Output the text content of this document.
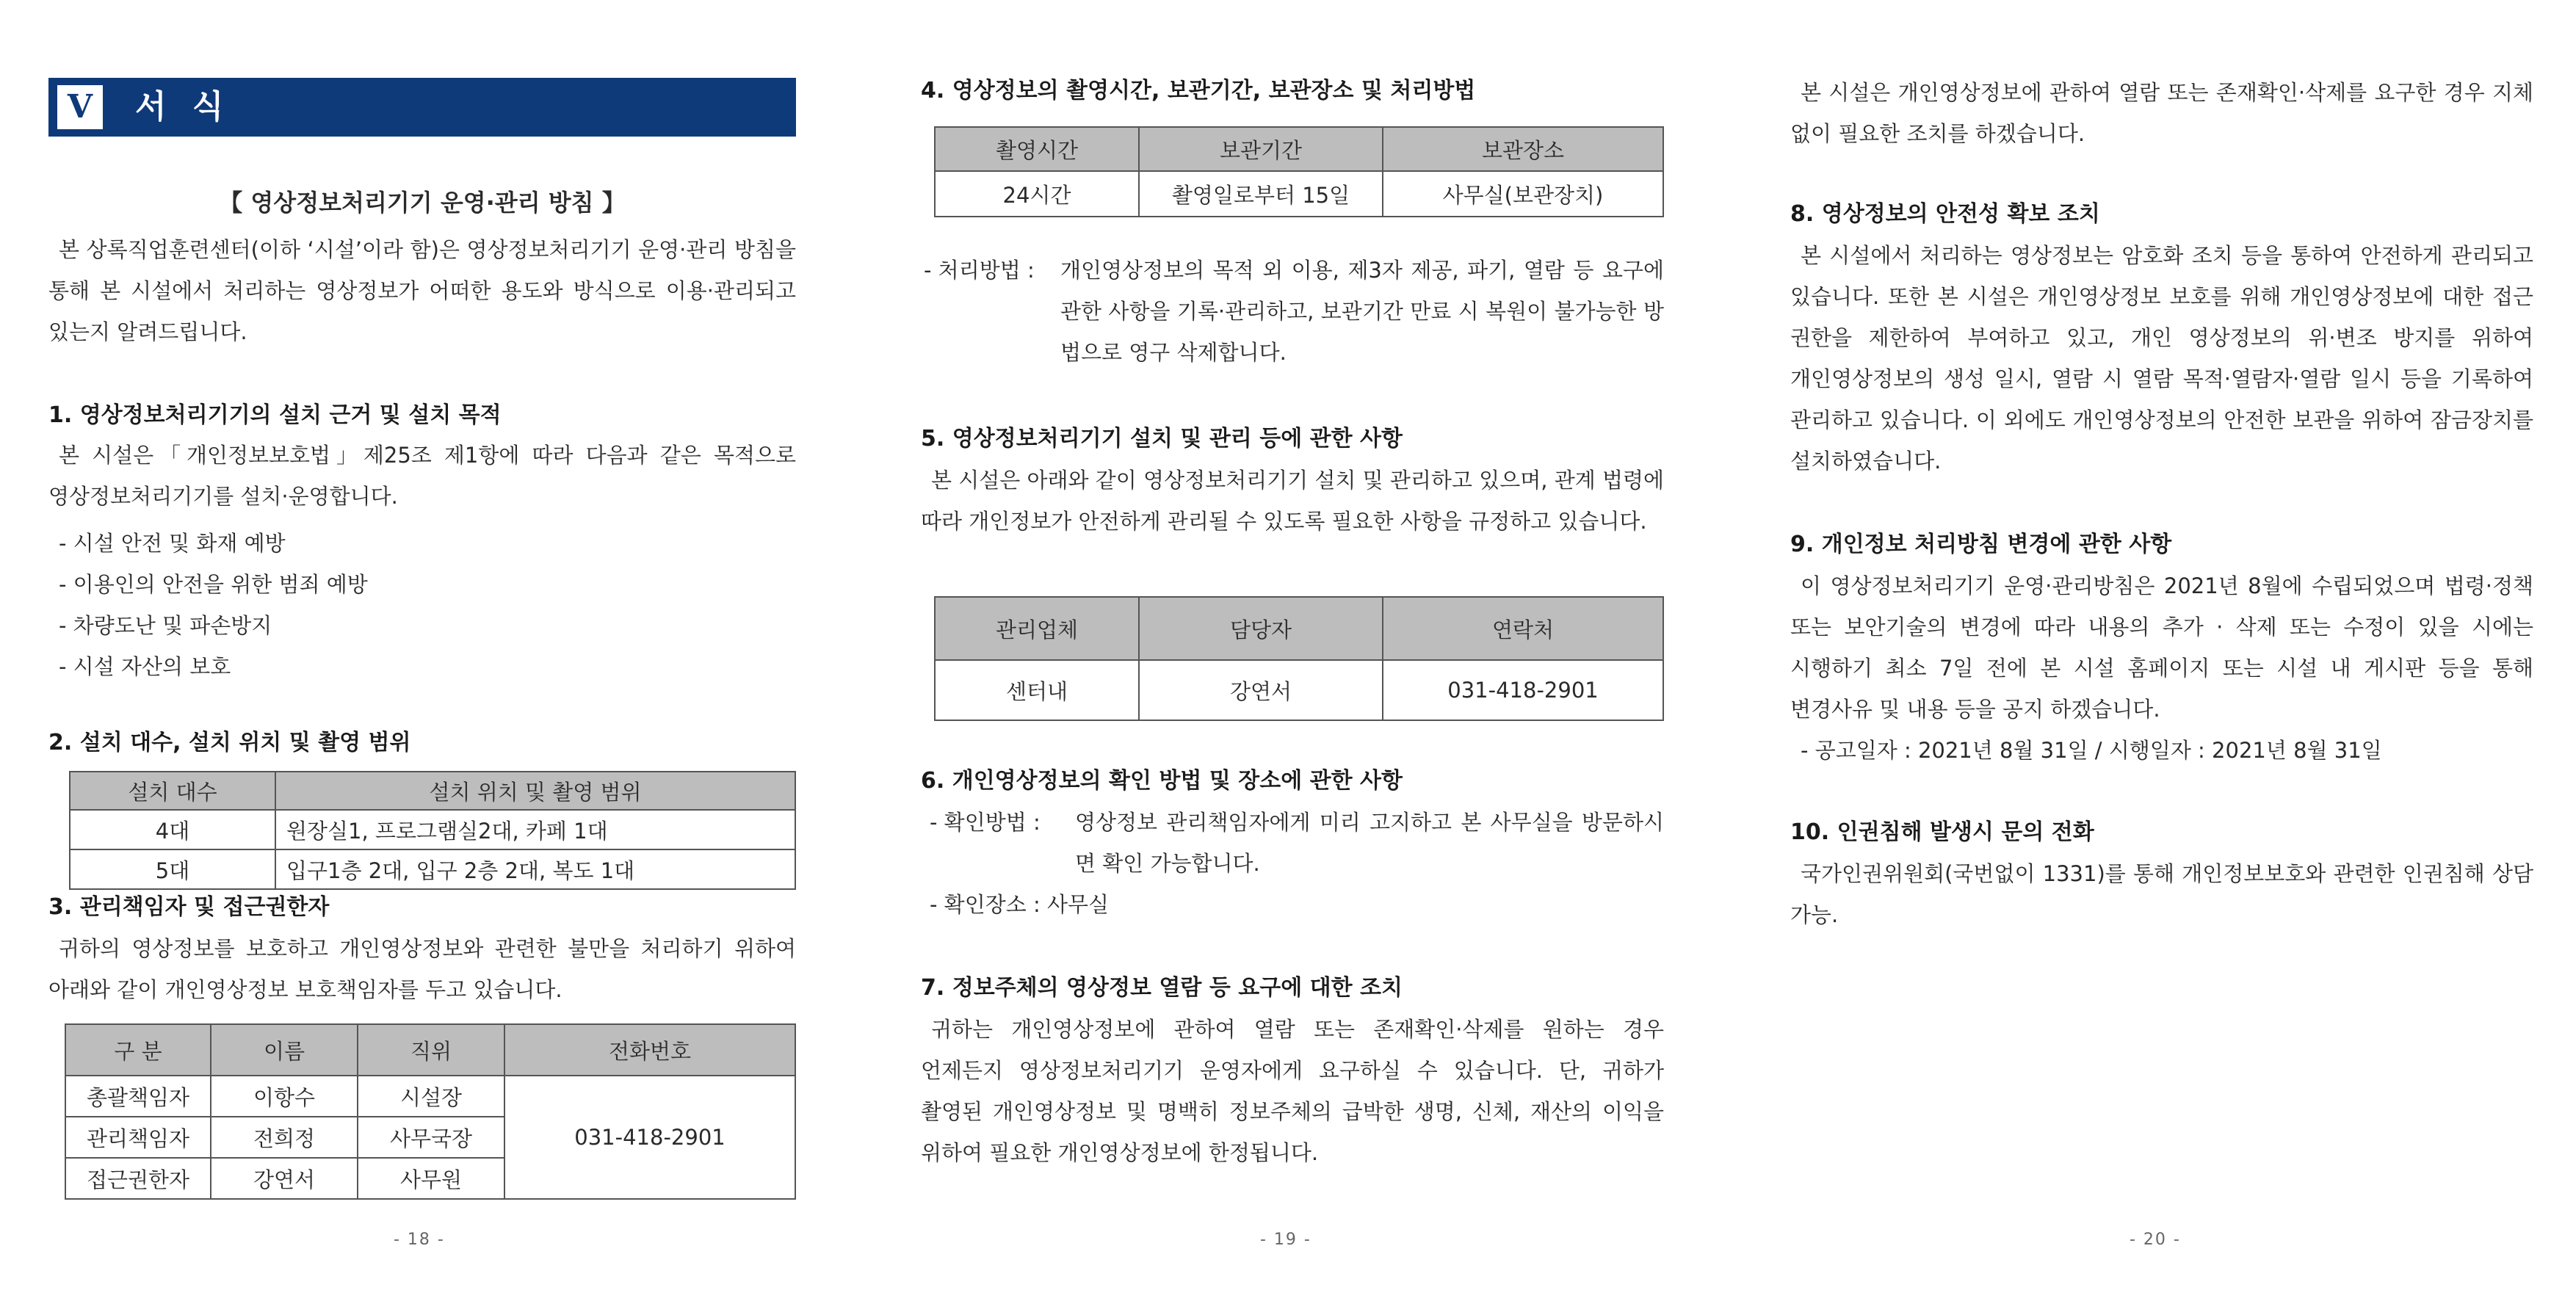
V	서 식
【 영상정보처리기기 운영·관리 방침 】
본 상록직업훈련센터(이하 ‘시설’이라 함)은 영상정보처리기기 운영·관리 방침을 통해 본 시설에서 처리하는 영상정보가 어떠한 용도와 방식으로 이용·관리되고 있는지 알려드립니다.
1. 영상정보처리기기의 설치 근거 및 설치 목적
본 시설은「개인정보보호법」제25조 제1항에 따라 다음과 같은 목적으로 영상정보처리기기를 설치·운영합니다.
- 시설 안전 및 화재 예방
- 이용인의 안전을 위한 범죄 예방
- 차량도난 및 파손방지
- 시설 자산의 보호
2. 설치 대수, 설치 위치 및 촬영 범위
설치 대수	설치 위치 및 촬영 범위
4대	원장실1, 프로그램실2대, 카페 1대
5대	입구1층 2대, 입구 2층 2대, 복도 1대
3. 관리책임자 및 접근권한자
귀하의 영상정보를 보호하고 개인영상정보와 관련한 불만을 처리하기 위하여 아래와 같이 개인영상정보 보호책임자를 두고 있습니다.
구 분	이름	직위	전화번호
총괄책임자	이항수	시설장	031-418-2901
관리책임자	전희정	사무국장	
접근권한자	강연서	사무원	
- 18 -
4. 영상정보의 촬영시간, 보관기간, 보관장소 및 처리방법
촬영시간	보관기간	보관장소
24시간	촬영일로부터 15일	사무실(보관장치)
- 처리방법 : 개인영상정보의 목적 외 이용, 제3자 제공, 파기, 열람 등 요구에 관한 사항을 기록·관리하고, 보관기간 만료 시 복원이 불가능한 방법으로 영구 삭제합니다.
5. 영상정보처리기기 설치 및 관리 등에 관한 사항
본 시설은 아래와 같이 영상정보처리기기 설치 및 관리하고 있으며, 관계 법령에 따라 개인정보가 안전하게 관리될 수 있도록 필요한 사항을 규정하고 있습니다.
관리업체	담당자	연락처
센터내	강연서	031-418-2901
6. 개인영상정보의 확인 방법 및 장소에 관한 사항
- 확인방법 : 영상정보 관리책임자에게 미리 고지하고 본 사무실을 방문하시면 확인 가능합니다.
- 확인장소 : 사무실
7. 정보주체의 영상정보 열람 등 요구에 대한 조치
귀하는 개인영상정보에 관하여 열람 또는 존재확인·삭제를 원하는 경우 언제든지 영상정보처리기기 운영자에게 요구하실 수 있습니다. 단, 귀하가 촬영된 개인영상정보 및 명백히 정보주체의 급박한 생명, 신체, 재산의 이익을 위하여 필요한 개인영상정보에 한정됩니다.
- 19 -
본 시설은 개인영상정보에 관하여 열람 또는 존재확인·삭제를 요구한 경우 지체 없이 필요한 조치를 하겠습니다.
8. 영상정보의 안전성 확보 조치
본 시설에서 처리하는 영상정보는 암호화 조치 등을 통하여 안전하게 관리되고 있습니다. 또한 본 시설은 개인영상정보 보호를 위해 개인영상정보에 대한 접근 권한을 제한하여 부여하고 있고, 개인 영상정보의 위·변조 방지를 위하여 개인영상정보의 생성 일시, 열람 시 열람 목적·열람자·열람 일시 등을 기록하여 관리하고 있습니다. 이 외에도 개인영상정보의 안전한 보관을 위하여 잠금장치를 설치하였습니다.
9. 개인정보 처리방침 변경에 관한 사항
이 영상정보처리기기 운영·관리방침은 2021년 8월에 수립되었으며 법령·정책 또는 보안기술의 변경에 따라 내용의 추가 · 삭제 또는 수정이 있을 시에는 시행하기 최소 7일 전에 본 시설 홈페이지 또는 시설 내 게시판 등을 통해 변경사유 및 내용 등을 공지 하겠습니다.
- 공고일자 : 2021년 8월 31일 / 시행일자 : 2021년 8월 31일
10. 인권침해 발생시 문의 전화
국가인권위원회(국번없이 1331)를 통해 개인정보보호와 관련한 인권침해 상담 가능.
- 20 -
